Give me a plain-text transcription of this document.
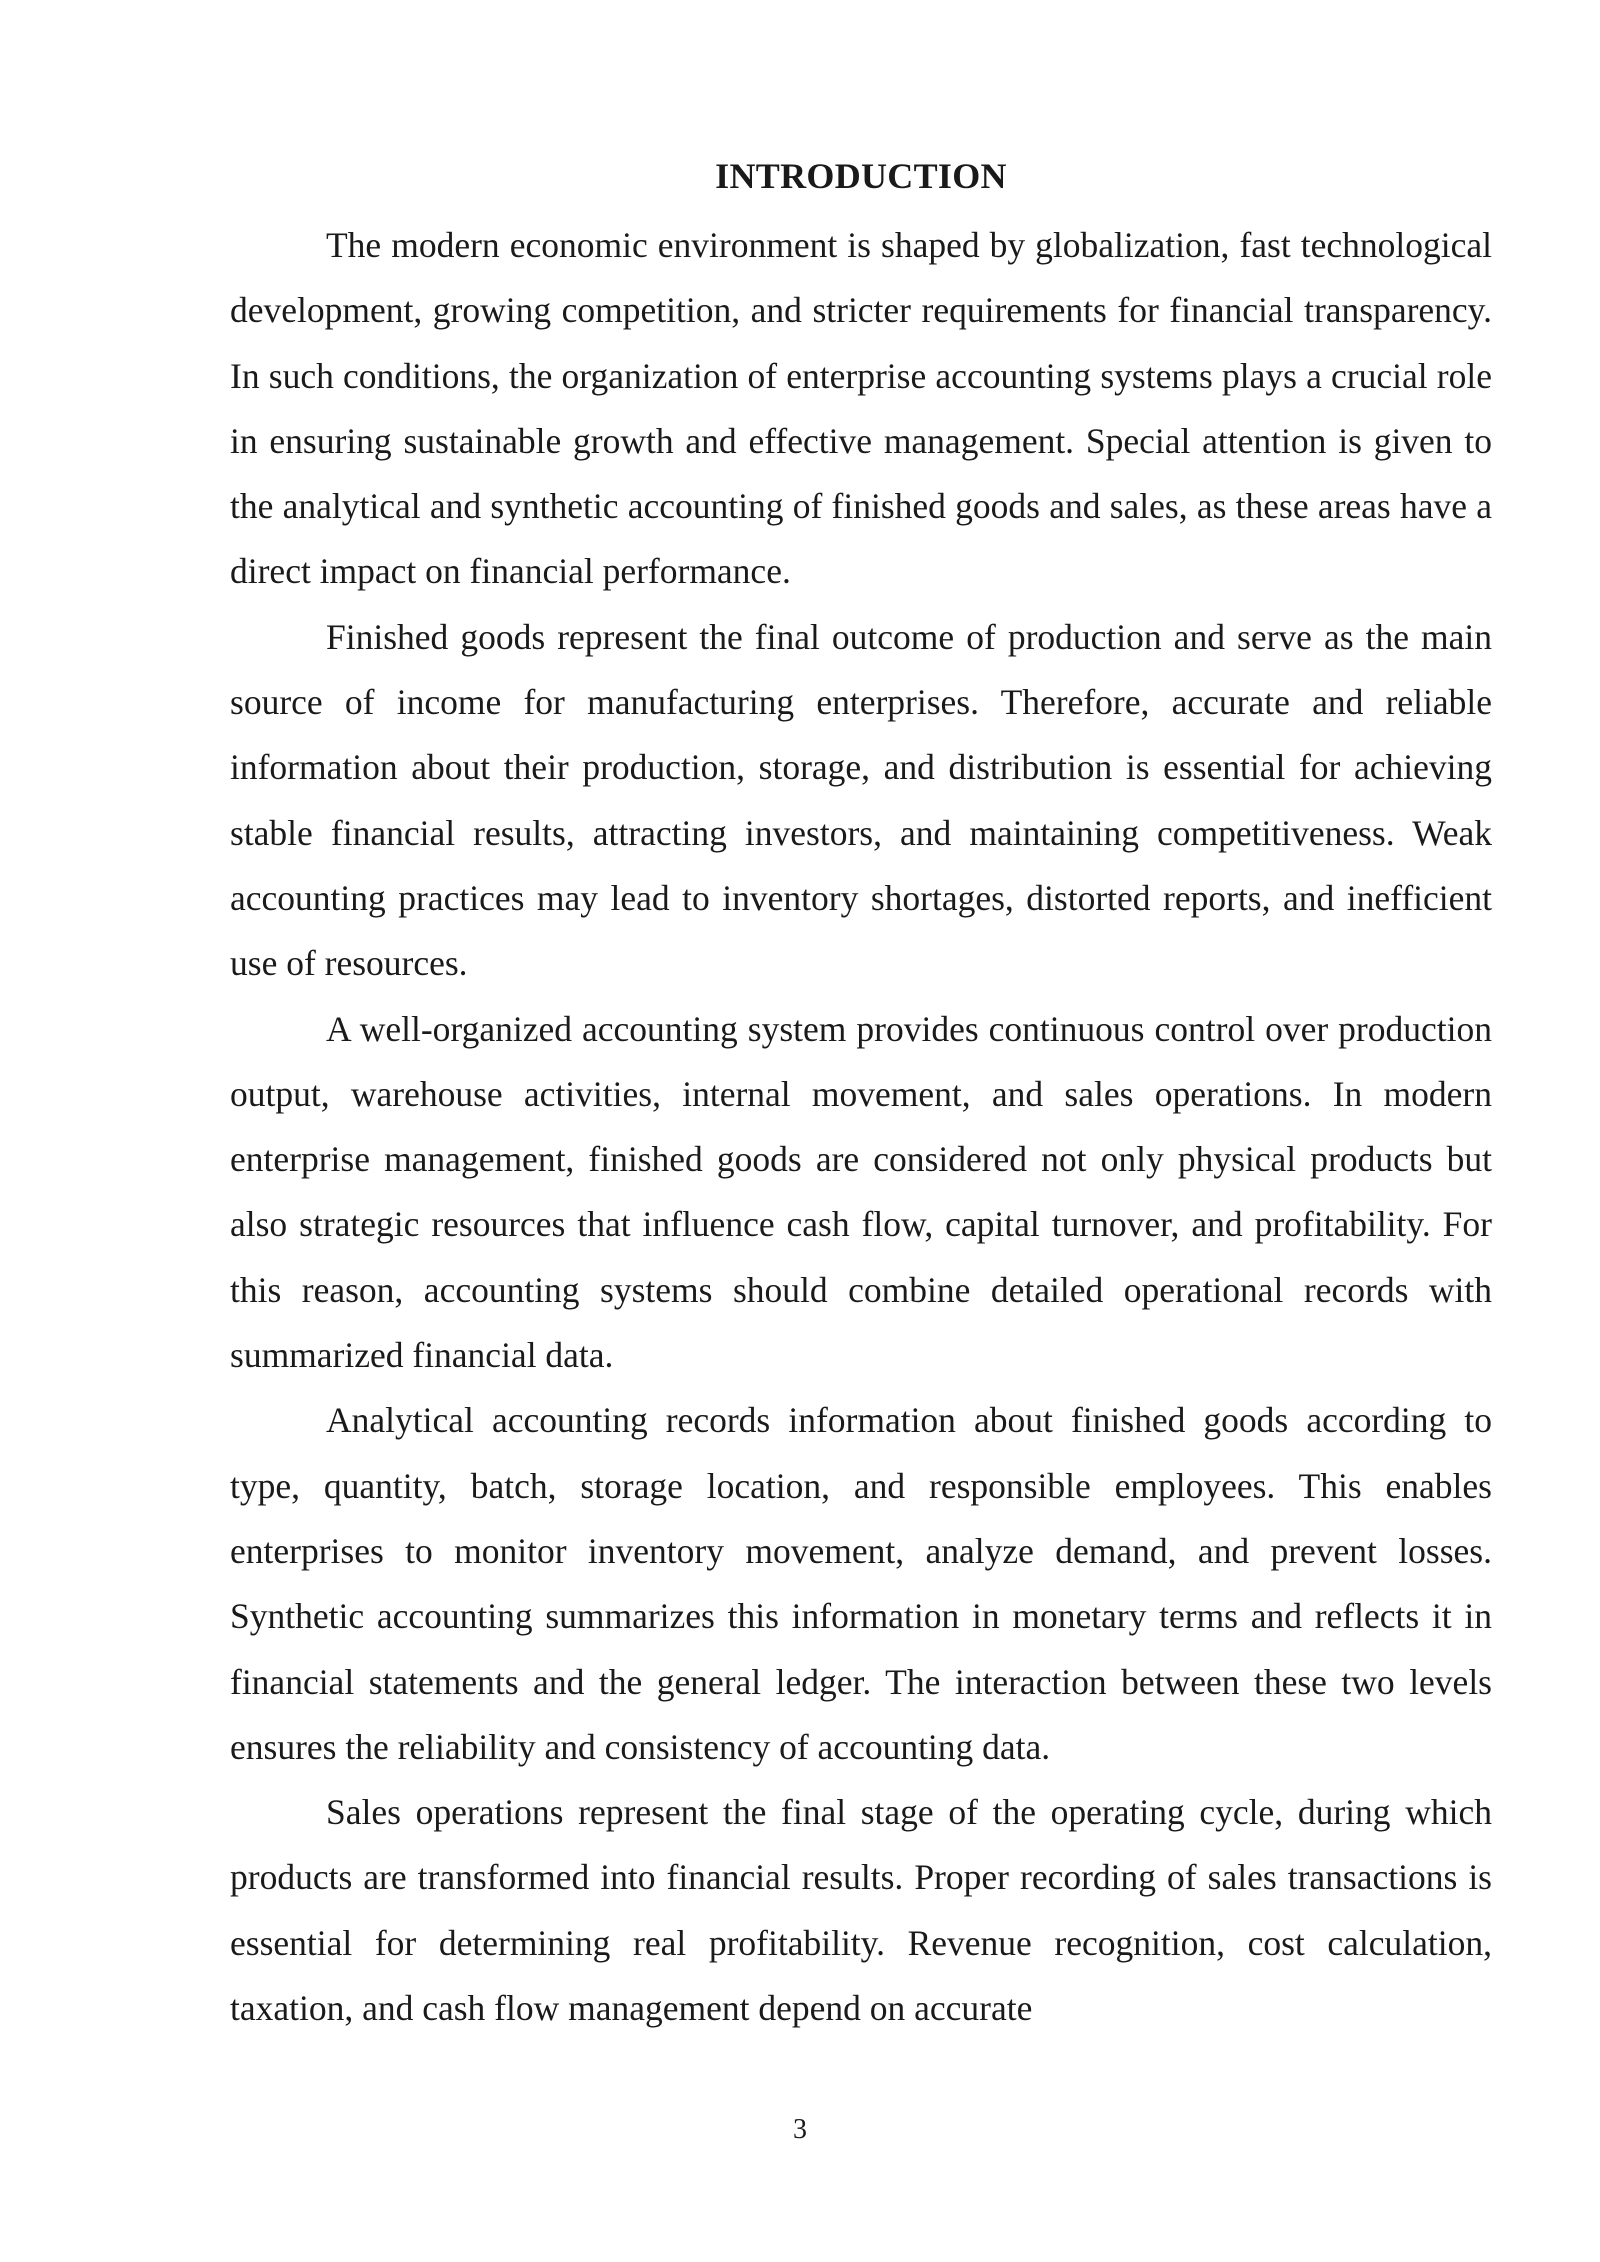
INTRODUCTION

The modern economic environment is shaped by globalization, fast technological development, growing competition, and stricter requirements for financial transparency. In such conditions, the organization of enterprise accounting systems plays a crucial role in ensuring sustainable growth and effective management. Special attention is given to the analytical and synthetic accounting of finished goods and sales, as these areas have a direct impact on financial performance.

Finished goods represent the final outcome of production and serve as the main source of income for manufacturing enterprises. Therefore, accurate and reliable information about their production, storage, and distribution is essential for achieving stable financial results, attracting investors, and maintaining competitiveness. Weak accounting practices may lead to inventory shortages, distorted reports, and inefficient use of resources.

A well-organized accounting system provides continuous control over production output, warehouse activities, internal movement, and sales operations. In modern enterprise management, finished goods are considered not only physical products but also strategic resources that influence cash flow, capital turnover, and profitability. For this reason, accounting systems should combine detailed operational records with summarized financial data.

Analytical accounting records information about finished goods according to type, quantity, batch, storage location, and responsible employees. This enables enterprises to monitor inventory movement, analyze demand, and prevent losses. Synthetic accounting summarizes this information in monetary terms and reflects it in financial statements and the general ledger. The interaction between these two levels ensures the reliability and consistency of accounting data.

Sales operations represent the final stage of the operating cycle, during which products are transformed into financial results. Proper recording of sales transactions is essential for determining real profitability. Revenue recognition, cost calculation, taxation, and cash flow management depend on accurate

3
